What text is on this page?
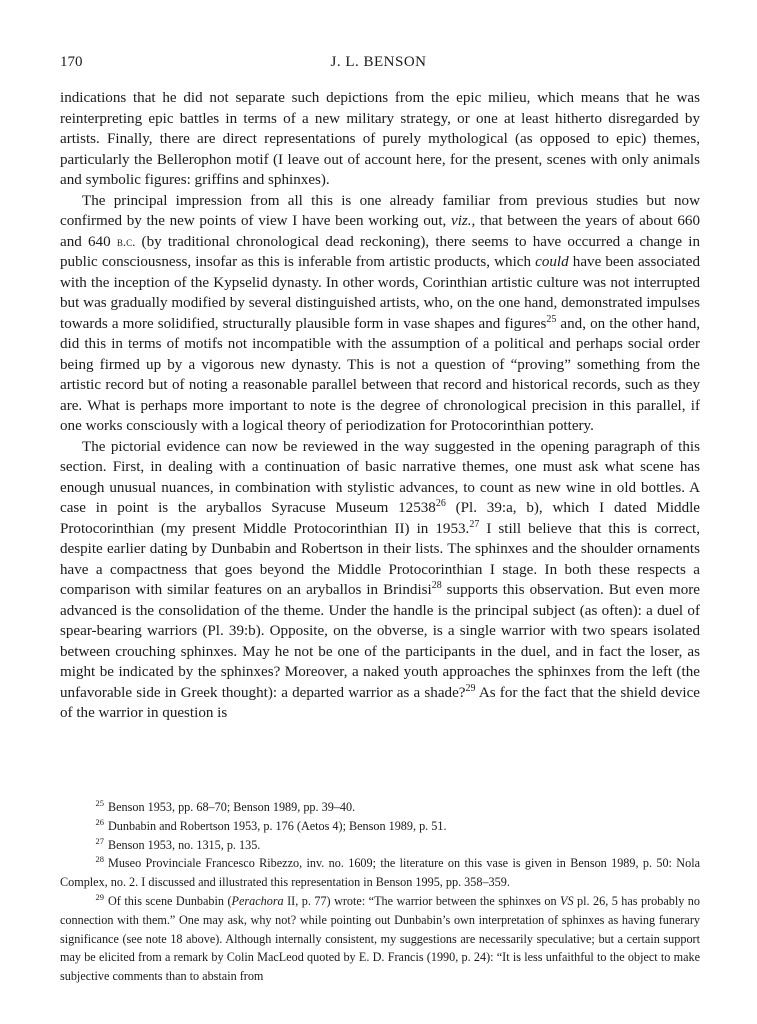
170	J. L. BENSON

indications that he did not separate such depictions from the epic milieu, which means that he was reinterpreting epic battles in terms of a new military strategy, or one at least hitherto disregarded by artists. Finally, there are direct representations of purely mythological (as opposed to epic) themes, particularly the Bellerophon motif (I leave out of account here, for the present, scenes with only animals and symbolic figures: griffins and sphinxes).

The principal impression from all this is one already familiar from previous studies but now confirmed by the new points of view I have been working out, viz., that between the years of about 660 and 640 b.c. (by traditional chronological dead reckoning), there seems to have occurred a change in public consciousness, insofar as this is inferable from artistic products, which could have been associated with the inception of the Kypselid dynasty. In other words, Corinthian artistic culture was not interrupted but was gradually modified by several distinguished artists, who, on the one hand, demonstrated impulses towards a more solidified, structurally plausible form in vase shapes and figures$^{25}$ and, on the other hand, did this in terms of motifs not incompatible with the assumption of a political and perhaps social order being firmed up by a vigorous new dynasty. This is not a question of “proving” something from the artistic record but of noting a reasonable parallel between that record and historical records, such as they are. What is perhaps more important to note is the degree of chronological precision in this parallel, if one works consciously with a logical theory of periodization for Protocorinthian pottery.

The pictorial evidence can now be reviewed in the way suggested in the opening paragraph of this section. First, in dealing with a continuation of basic narrative themes, one must ask what scene has enough unusual nuances, in combination with stylistic advances, to count as new wine in old bottles. A case in point is the aryballos Syracuse Museum 12538$^{26}$ (Pl. 39:a, b), which I dated Middle Protocorinthian (my present Middle Protocorinthian II) in 1953.27 I still believe that this is correct, despite earlier dating by Dunbabin and Robertson in their lists. The sphinxes and the shoulder ornaments have a compactness that goes beyond the Middle Protocorinthian I stage. In both these respects a comparison with similar features on an aryballos in Brindisi$^{28}$ supports this observation. But even more advanced is the consolidation of the theme. Under the handle is the principal subject (as often): a duel of spear-bearing warriors (Pl. 39:b). Opposite, on the obverse, is a single warrior with two spears isolated between crouching sphinxes. May he not be one of the participants in the duel, and in fact the loser, as might be indicated by the sphinxes? Moreover, a naked youth approaches the sphinxes from the left (the unfavorable side in Greek thought): a departed warrior as a shade?$^{29}$ As for the fact that the shield device of the warrior in question is

$^{25}$ Benson 1953, pp. 68–70; Benson 1989, pp. 39–40.

$^{26}$ Dunbabin and Robertson 1953, p. 176 (Aetos 4); Benson 1989, p. 51.

$^{27}$ Benson 1953, no. 1315, p. 135.

$^{28}$ Museo Provinciale Francesco Ribezzo, inv. no. 1609; the literature on this vase is given in Benson 1989, p. 50: Nola Complex, no. 2. I discussed and illustrated this representation in Benson 1995, pp. 358–359.

$^{29}$ Of this scene Dunbabin (Perachora II, p. 77) wrote: “The warrior between the sphinxes on VS pl. 26, 5 has probably no connection with them.” One may ask, why not? while pointing out Dunbabin’s own interpretation of sphinxes as having funerary significance (see note 18 above). Although internally consistent, my suggestions are necessarily speculative; but a certain support may be elicited from a remark by Colin MacLeod quoted by E. D. Francis (1990, p. 24): “It is less unfaithful to the object to make subjective comments than to abstain from
